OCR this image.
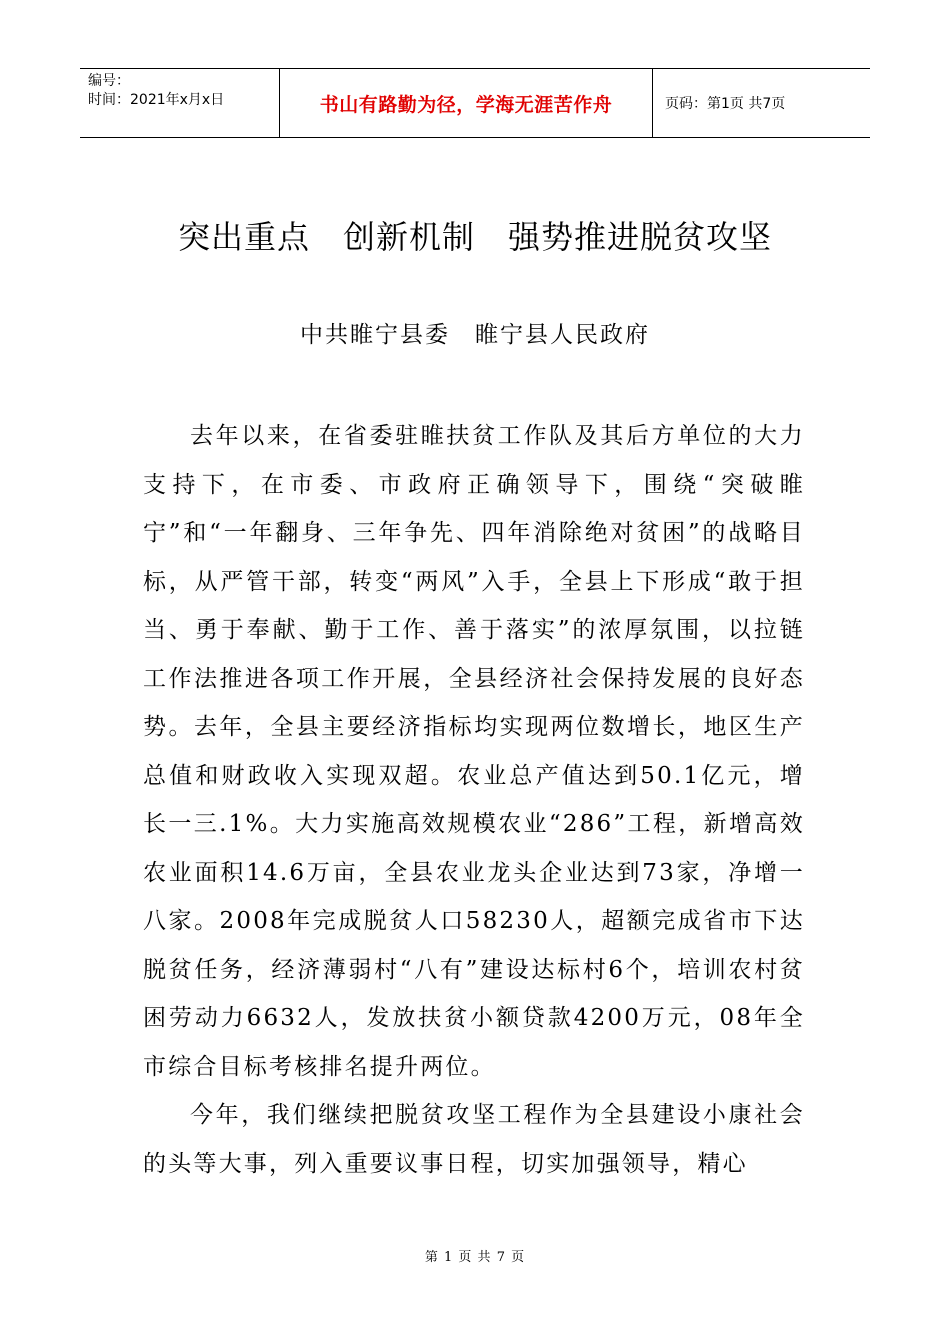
编号：
时间：2021年x月x日	书山有路勤为径，学海无涯苦作舟	页码：第1页 共7页
突出重点　创新机制　强势推进脱贫攻坚
中共睢宁县委　睢宁县人民政府

去年以来，在省委驻睢扶贫工作队及其后方单位的大力支持下，在市委、市政府正确领导下，围绕“突破睢宁”和“一年翻身、三年争先、四年消除绝对贫困”的战略目标，从严管干部，转变“两风”入手，全县上下形成“敢于担当、勇于奉献、勤于工作、善于落实”的浓厚氛围，以拉链工作法推进各项工作开展，全县经济社会保持发展的良好态势。去年，全县主要经济指标均实现两位数增长，地区生产总值和财政收入实现双超。农业总产值达到50.1亿元，增长一三.1%。大力实施高效规模农业“286”工程，新增高效农业面积14.6万亩，全县农业龙头企业达到73家，净增一八家。2008年完成脱贫人口58230人，超额完成省市下达脱贫任务，经济薄弱村“八有”建设达标村6个，培训农村贫困劳动力6632人，发放扶贫小额贷款4200万元，08年全市综合目标考核排名提升两位。

今年，我们继续把脱贫攻坚工程作为全县建设小康社会的头等大事，列入重要议事日程，切实加强领导，精心

第 1 页 共 7 页
